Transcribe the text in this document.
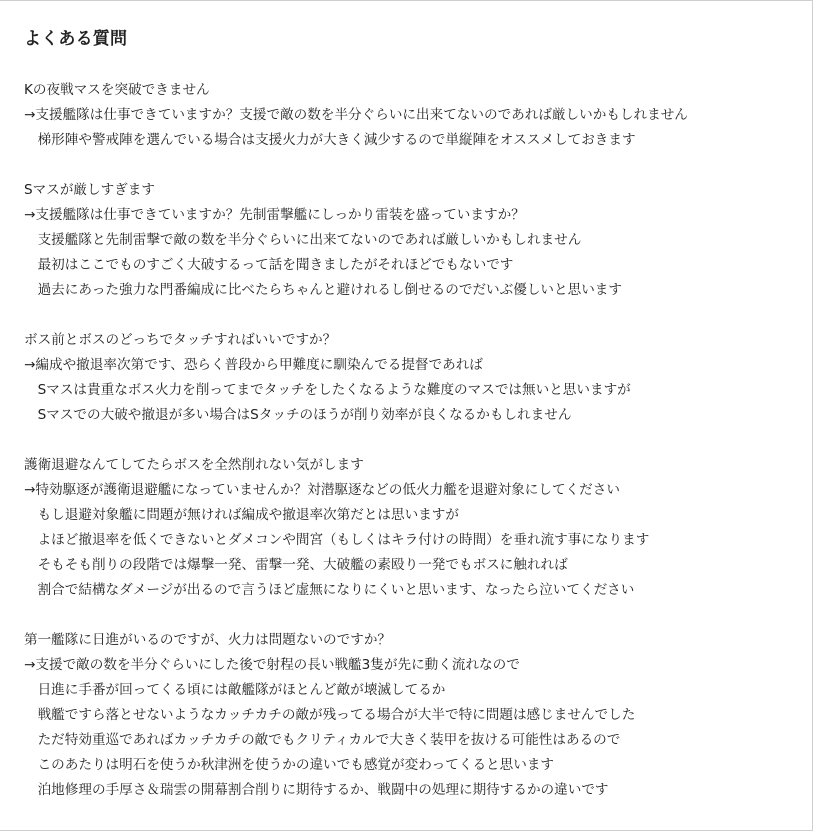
よくある質問
Kの夜戦マスを突破できません
→支援艦隊は仕事できていますか？支援で敵の数を半分ぐらいに出来てないのであれば厳しいかもしれません
　梯形陣や警戒陣を選んでいる場合は支援火力が大きく減少するので単縦陣をオススメしておきます
Sマスが厳しすぎます
→支援艦隊は仕事できていますか？先制雷撃艦にしっかり雷装を盛っていますか？
　支援艦隊と先制雷撃で敵の数を半分ぐらいに出来てないのであれば厳しいかもしれません
　最初はここでものすごく大破するって話を聞きましたがそれほどでもないです
　過去にあった強力な門番編成に比べたらちゃんと避けれるし倒せるのでだいぶ優しいと思います
ボス前とボスのどっちでタッチすればいいですか？
→編成や撤退率次第です、恐らく普段から甲難度に馴染んでる提督であれば
　Sマスは貴重なボス火力を削ってまでタッチをしたくなるような難度のマスでは無いと思いますが
　Sマスでの大破や撤退が多い場合はSタッチのほうが削り効率が良くなるかもしれません
護衛退避なんてしてたらボスを全然削れない気がします
→特効駆逐が護衛退避艦になっていませんか？対潜駆逐などの低火力艦を退避対象にしてください
　もし退避対象艦に問題が無ければ編成や撤退率次第だとは思いますが
　よほど撤退率を低くできないとダメコンや間宮（もしくはキラ付けの時間）を垂れ流す事になります
　そもそも削りの段階では爆撃一発、雷撃一発、大破艦の素殴り一発でもボスに触れれば
　割合で結構なダメージが出るので言うほど虚無になりにくいと思います、なったら泣いてください
第一艦隊に日進がいるのですが、火力は問題ないのですか？
→支援で敵の数を半分ぐらいにした後で射程の長い戦艦3隻が先に動く流れなので
　日進に手番が回ってくる頃には敵艦隊がほとんど敵が壊滅してるか
　戦艦ですら落とせないようなカッチカチの敵が残ってる場合が大半で特に問題は感じませんでした
　ただ特効重巡であればカッチカチの敵でもクリティカルで大きく装甲を抜ける可能性はあるので
　このあたりは明石を使うか秋津洲を使うかの違いでも感覚が変わってくると思います
　泊地修理の手厚さ＆瑞雲の開幕割合削りに期待するか、戦闘中の処理に期待するかの違いです
